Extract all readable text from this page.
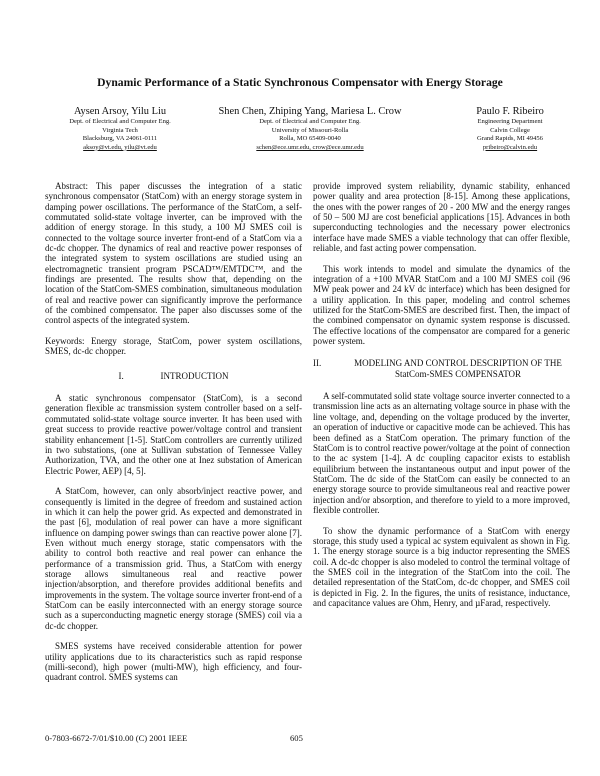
Dynamic Performance of a Static Synchronous Compensator with Energy Storage
Aysen Arsoy, Yilu Liu
Dept. of Electrical and Computer Eng.
Virginia Tech
Blacksburg, VA 24061-0111
aksoy@vt.edu, yilu@vt.edu
Shen Chen, Zhiping Yang, Mariesa L. Crow
Dept. of Electrical and Computer Eng.
University of Missouri-Rolla
Rolla, MO 65409-0040
schen@ece.umr.edu, crow@ece.umr.edu
Paulo F. Ribeiro
Engineering Department
Calvin College
Grand Rapids, MI 49456
pribeiro@calvin.edu

Abstract: This paper discusses the integration of a static synchronous compensator (StatCom) with an energy storage system in damping power oscillations. The performance of the StatCom, a self-commutated solid-state voltage inverter, can be improved with the addition of energy storage. In this study, a 100 MJ SMES coil is connected to the voltage source inverter front-end of a StatCom via a dc-dc chopper. The dynamics of real and reactive power responses of the integrated system to system oscillations are studied using an electromagnetic transient program PSCAD™/EMTDC™, and the findings are presented. The results show that, depending on the location of the StatCom-SMES combination, simultaneous modulation of real and reactive power can significantly improve the performance of the combined compensator. The paper also discusses some of the control aspects of the integrated system.

Keywords: Energy storage, StatCom, power system oscillations, SMES, dc-dc chopper.

I.	INTRODUCTION

A static synchronous compensator (StatCom), is a second generation flexible ac transmission system controller based on a self-commutated solid-state voltage source inverter. It has been used with great success to provide reactive power/voltage control and transient stability enhancement [1-5]. StatCom controllers are currently utilized in two substations, (one at Sullivan substation of Tennessee Valley Authorization, TVA, and the other one at Inez substation of American Electric Power, AEP) [4, 5].

A StatCom, however, can only absorb/inject reactive power, and consequently is limited in the degree of freedom and sustained action in which it can help the power grid. As expected and demonstrated in the past [6], modulation of real power can have a more significant influence on damping power swings than can reactive power alone [7]. Even without much energy storage, static compensators with the ability to control both reactive and real power can enhance the performance of a transmission grid. Thus, a StatCom with energy storage allows simultaneous real and reactive power injection/absorption, and therefore provides additional benefits and improvements in the system. The voltage source inverter front-end of a StatCom can be easily interconnected with an energy storage source such as a superconducting magnetic energy storage (SMES) coil via a dc-dc chopper.

SMES systems have received considerable attention for power utility applications due to its characteristics such as rapid response (milli-second), high power (multi-MW), high efficiency, and four-quadrant control. SMES systems can

provide improved system reliability, dynamic stability, enhanced power quality and area protection [8-15]. Among these applications, the ones with the power ranges of 20 - 200 MW and the energy ranges of 50 – 500 MJ are cost beneficial applications [15]. Advances in both superconducting technologies and the necessary power electronics interface have made SMES a viable technology that can offer flexible, reliable, and fast acting power compensation.

This work intends to model and simulate the dynamics of the integration of a +100 MVAR StatCom and a 100 MJ SMES coil (96 MW peak power and 24 kV dc interface) which has been designed for a utility application. In this paper, modeling and control schemes utilized for the StatCom-SMES are described first. Then, the impact of the combined compensator on dynamic system response is discussed. The effective locations of the compensator are compared for a generic power system.

II.	MODELING AND CONTROL DESCRIPTION OF THE StatCom-SMES COMPENSATOR

A self-commutated solid state voltage source inverter connected to a transmission line acts as an alternating voltage source in phase with the line voltage, and, depending on the voltage produced by the inverter, an operation of inductive or capacitive mode can be achieved. This has been defined as a StatCom operation. The primary function of the StatCom is to control reactive power/voltage at the point of connection to the ac system [1-4]. A dc coupling capacitor exists to establish equilibrium between the instantaneous output and input power of the StatCom. The dc side of the StatCom can easily be connected to an energy storage source to provide simultaneous real and reactive power injection and/or absorption, and therefore to yield to a more improved, flexible controller.

To show the dynamic performance of a StatCom with energy storage, this study used a typical ac system equivalent as shown in Fig. 1. The energy storage source is a big inductor representing the SMES coil. A dc-dc chopper is also modeled to control the terminal voltage of the SMES coil in the integration of the StatCom into the coil. The detailed representation of the StatCom, dc-dc chopper, and SMES coil is depicted in Fig. 2. In the figures, the units of resistance, inductance, and capacitance values are Ohm, Henry, and µFarad, respectively.

0-7803-6672-7/01/$10.00 (C) 2001 IEEE	605
